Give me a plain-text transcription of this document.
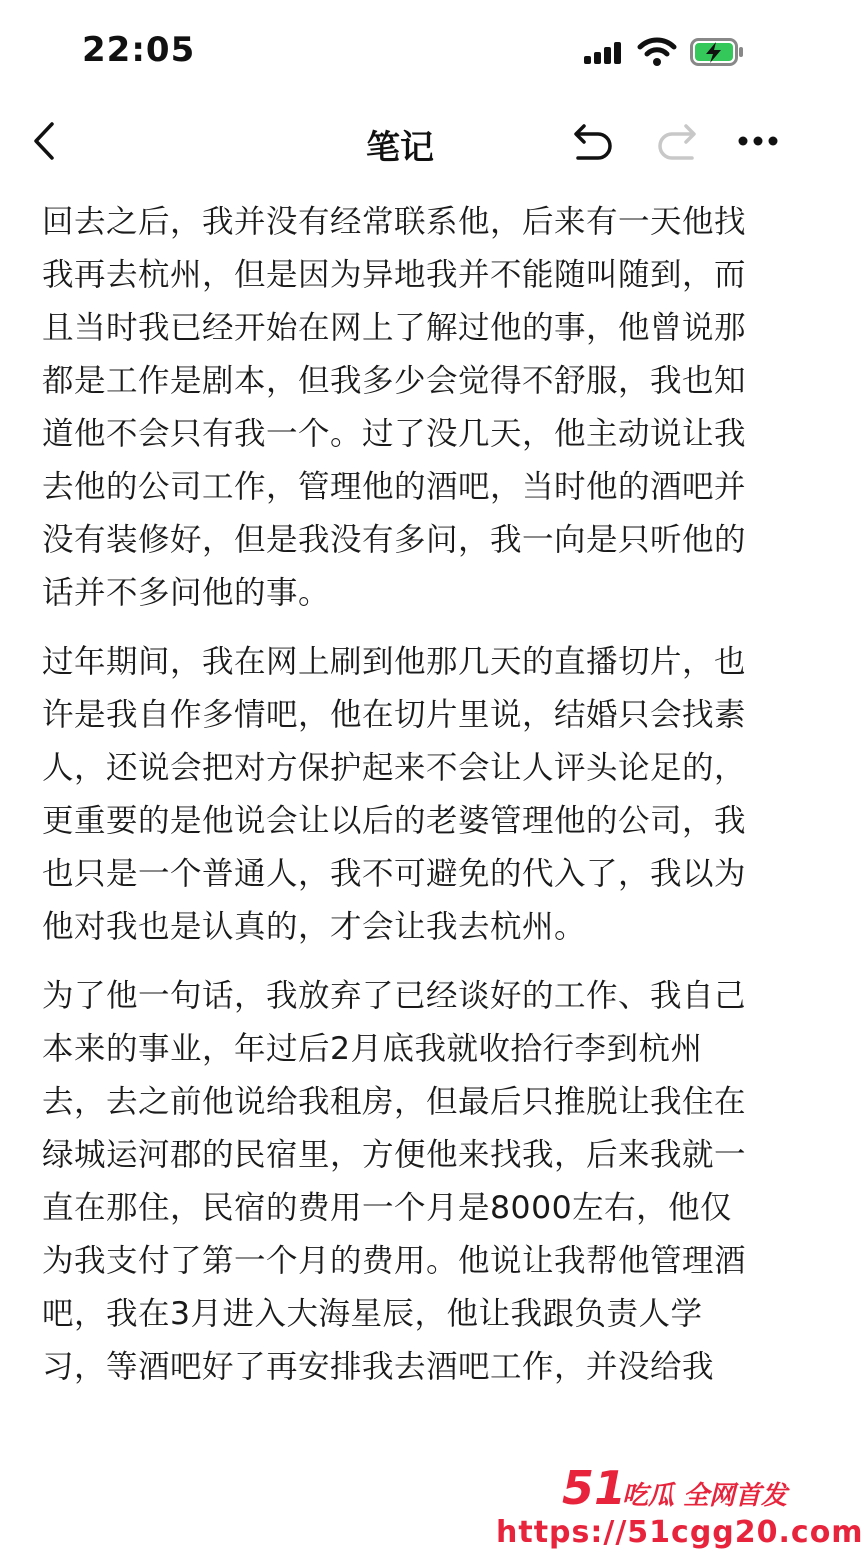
22:05
笔记

回去之后，我并没有经常联系他，后来有一天他找我再去杭州，但是因为异地我并不能随叫随到，而且当时我已经开始在网上了解过他的事，他曾说那都是工作是剧本，但我多少会觉得不舒服，我也知道他不会只有我一个。过了没几天，他主动说让我去他的公司工作，管理他的酒吧，当时他的酒吧并没有装修好，但是我没有多问，我一向是只听他的话并不多问他的事。

过年期间，我在网上刷到他那几天的直播切片，也许是我自作多情吧，他在切片里说，结婚只会找素人，还说会把对方保护起来不会让人评头论足的，更重要的是他说会让以后的老婆管理他的公司，我也只是一个普通人，我不可避免的代入了，我以为他对我也是认真的，才会让我去杭州。

为了他一句话，我放弃了已经谈好的工作、我自己本来的事业，年过后2月底我就收拾行李到杭州去，去之前他说给我租房，但最后只推脱让我住在绿城运河郡的民宿里，方便他来找我，后来我就一直在那住，民宿的费用一个月是8000左右，他仅为我支付了第一个月的费用。他说让我帮他管理酒吧，我在3月进入大海星辰，他让我跟负责人学习，等酒吧好了再安排我去酒吧工作，并没给我

51
吃瓜 全网首发
https://51cgg20.com
